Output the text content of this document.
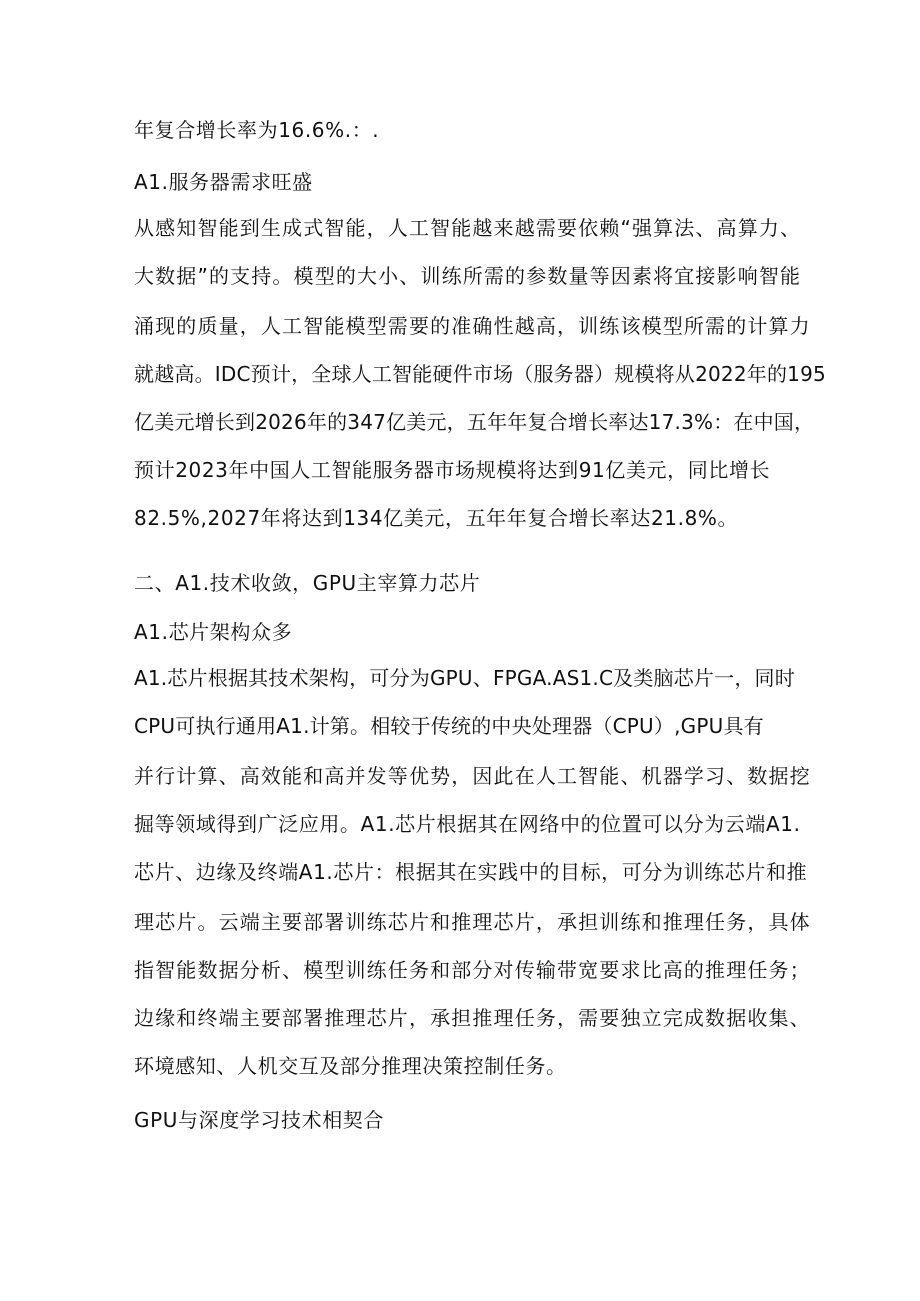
年复合增长率为16.6%.：.
A1.服务器需求旺盛
从感知智能到生成式智能，人工智能越来越需要依赖“强算法、高算力、
大数据”的支持。模型的大小、训练所需的参数量等因素将宜接影响智能
涌现的质量，人工智能模型需要的准确性越高，训练该模型所需的计算力
就越高。IDC预计，全球人工智能硬件市场（服务器）规模将从2022年的195
亿美元增长到2026年的347亿美元，五年年复合增长率达17.3%：在中国，
预计2023年中国人工智能服务器市场规模将达到91亿美元，同比增长
82.5%,2027年将达到134亿美元，五年年复合增长率达21.8%。
二、A1.技术收敛，GPU主宰算力芯片
A1.芯片架构众多
A1.芯片根据其技术架构，可分为GPU、FPGA.AS1.C及类脑芯片一，同时
CPU可执行通用A1.计第。相较于传统的中央处理器（CPU）,GPU具有
并行计算、高效能和高并发等优势，因此在人工智能、机器学习、数据挖
掘等领域得到广泛应用。A1.芯片根据其在网络中的位置可以分为云端A1.
芯片、边缘及终端A1.芯片：根据其在实践中的目标，可分为训练芯片和推
理芯片。云端主要部署训练芯片和推理芯片，承担训练和推理任务，具体
指智能数据分析、模型训练任务和部分对传输带宽要求比高的推理任务；
边缘和终端主要部署推理芯片，承担推理任务，需要独立完成数据收集、
环境感知、人机交互及部分推理决策控制任务。
GPU与深度学习技术相契合
